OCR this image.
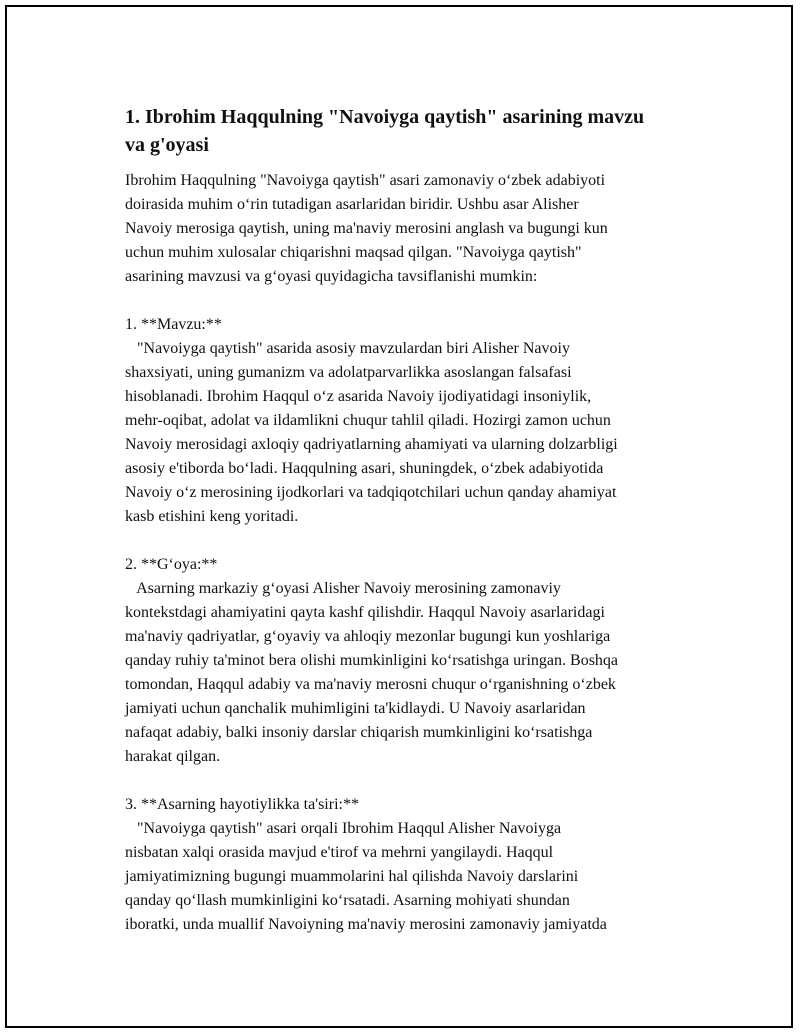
1. Ibrohim Haqqulning "Navoiyga qaytish" asarining mavzu
va g'oyasi
Ibrohim Haqqulning "Navoiyga qaytish" asari zamonaviy o‘zbek adabiyoti
doirasida muhim o‘rin tutadigan asarlaridan biridir. Ushbu asar Alisher
Navoiy merosiga qaytish, uning ma'naviy merosini anglash va bugungi kun
uchun muhim xulosalar chiqarishni maqsad qilgan. "Navoiyga qaytish"
asarining mavzusi va g‘oyasi quyidagicha tavsiflanishi mumkin:

1. **Mavzu:**
"Navoiyga qaytish" asarida asosiy mavzulardan biri Alisher Navoiy
shaxsiyati, uning gumanizm va adolatparvarlikka asoslangan falsafasi
hisoblanadi. Ibrohim Haqqul o‘z asarida Navoiy ijodiyatidagi insoniylik,
mehr-oqibat, adolat va ildamlikni chuqur tahlil qiladi. Hozirgi zamon uchun
Navoiy merosidagi axloqiy qadriyatlarning ahamiyati va ularning dolzarbligi
asosiy e'tiborda bo‘ladi. Haqqulning asari, shuningdek, o‘zbek adabiyotida
Navoiy o‘z merosining ijodkorlari va tadqiqotchilari uchun qanday ahamiyat
kasb etishini keng yoritadi.

2. **G‘oya:**
Asarning markaziy g‘oyasi Alisher Navoiy merosining zamonaviy
kontekstdagi ahamiyatini qayta kashf qilishdir. Haqqul Navoiy asarlaridagi
ma'naviy qadriyatlar, g‘oyaviy va ahloqiy mezonlar bugungi kun yoshlariga
qanday ruhiy ta'minot bera olishi mumkinligini ko‘rsatishga uringan. Boshqa
tomondan, Haqqul adabiy va ma'naviy merosni chuqur o‘rganishning o‘zbek
jamiyati uchun qanchalik muhimligini ta'kidlaydi. U Navoiy asarlaridan
nafaqat adabiy, balki insoniy darslar chiqarish mumkinligini ko‘rsatishga
harakat qilgan.

3. **Asarning hayotiylikka ta'siri:**
"Navoiyga qaytish" asari orqali Ibrohim Haqqul Alisher Navoiyga
nisbatan xalqi orasida mavjud e'tirof va mehrni yangilaydi. Haqqul
jamiyatimizning bugungi muammolarini hal qilishda Navoiy darslarini
qanday qo‘llash mumkinligini ko‘rsatadi. Asarning mohiyati shundan
iboratki, unda muallif Navoiyning ma'naviy merosini zamonaviy jamiyatda
